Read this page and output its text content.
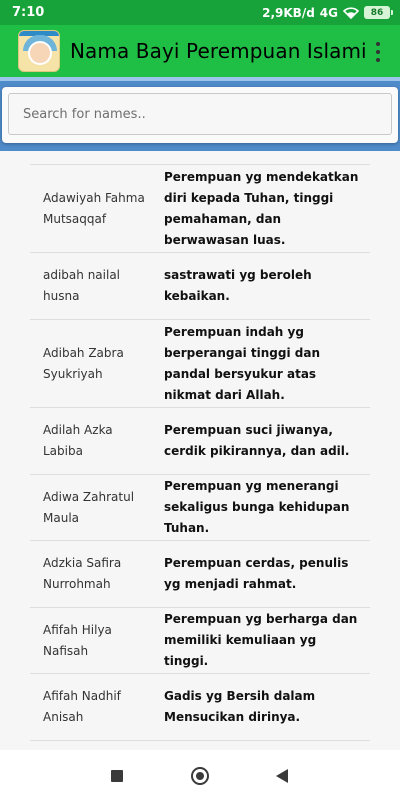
7:10	2,9KB/d 4G	86
Nama Bayi Perempuan Islami
Search for names..
Adawiyah Fahma Mutsaqqaf
Perempuan yg mendekatkan diri kepada Tuhan, tinggi pemahaman, dan berwawasan luas.
adibah nailal husna
sastrawati yg beroleh kebaikan.
Adibah Zabra Syukriyah
Perempuan indah yg berperangai tinggi dan pandal bersyukur atas nikmat dari Allah.
Adilah Azka Labiba
Perempuan suci jiwanya, cerdik pikirannya, dan adil.
Adiwa Zahratul Maula
Perempuan yg menerangi sekaligus bunga kehidupan Tuhan.
Adzkia Safira Nurrohmah
Perempuan cerdas, penulis yg menjadi rahmat.
Afifah Hilya Nafisah
Perempuan yg berharga dan memiliki kemuliaan yg tinggi.
Afifah Nadhif Anisah
Gadis yg Bersih dalam Mensucikan dirinya.
